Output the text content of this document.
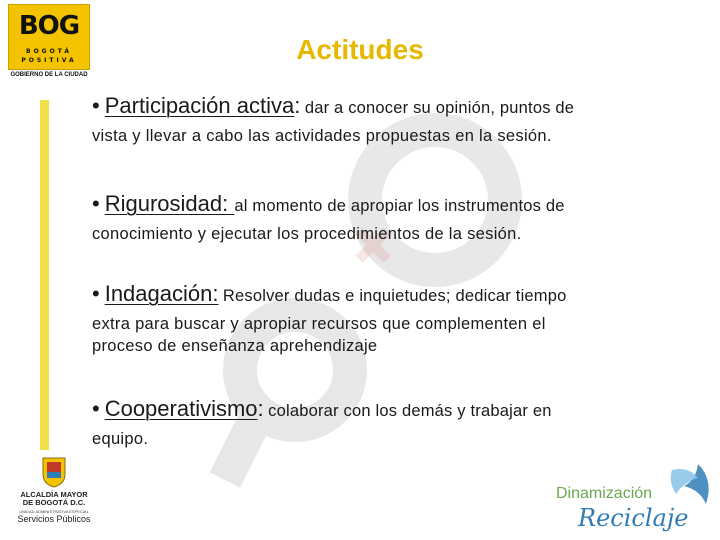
BOG
BOGOTÁ
POSITIVA
GOBIERNO DE LA CIUDAD
Actitudes
• Participación activa: dar a conocer su opinión, puntos de
vista y llevar a cabo las actividades propuestas en la sesión.
• Rigurosidad: al momento de apropiar los instrumentos de
conocimiento y ejecutar los procedimientos de la sesión.
• Indagación: Resolver dudas e inquietudes; dedicar tiempo
extra para buscar y apropiar recursos que complementen el
proceso de enseñanza aprehendizaje
• Cooperativismo: colaborar con los demás y trabajar en
equipo.
ALCALDÍA MAYOR
DE BOGOTÁ D.C.
UNIDAD ADMINISTRATIVA ESPECIAL
Servicios Públicos
Dinamización
Reciclaje
